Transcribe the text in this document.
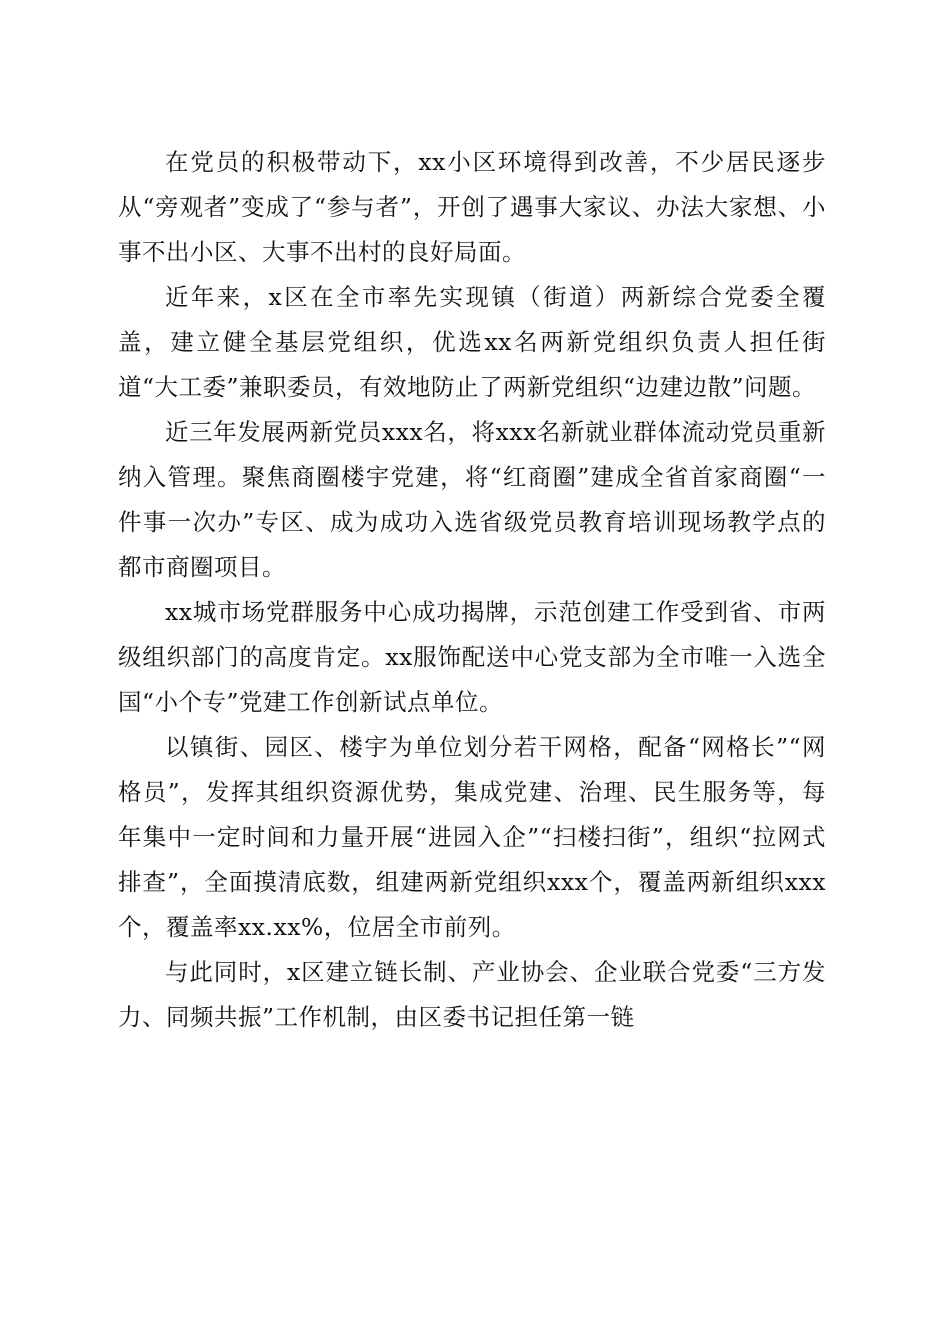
在党员的积极带动下，xx小区环境得到改善，不少居民逐步从“旁观者”变成了“参与者”，开创了遇事大家议、办法大家想、小事不出小区、大事不出村的良好局面。

近年来，x区在全市率先实现镇（街道）两新综合党委全覆盖，建立健全基层党组织，优选xx名两新党组织负责人担任街道“大工委”兼职委员，有效地防止了两新党组织“边建边散”问题。

近三年发展两新党员xxx名，将xxx名新就业群体流动党员重新纳入管理。聚焦商圈楼宇党建，将“红商圈”建成全省首家商圈“一件事一次办”专区、成为成功入选省级党员教育培训现场教学点的都市商圈项目。

xx城市场党群服务中心成功揭牌，示范创建工作受到省、市两级组织部门的高度肯定。xx服饰配送中心党支部为全市唯一入选全国“小个专”党建工作创新试点单位。

以镇街、园区、楼宇为单位划分若干网格，配备“网格长”“网格员”，发挥其组织资源优势，集成党建、治理、民生服务等，每年集中一定时间和力量开展“进园入企”“扫楼扫街”，组织“拉网式排查”，全面摸清底数，组建两新党组织xxx个，覆盖两新组织xxx个，覆盖率xx.xx%，位居全市前列。

与此同时，x区建立链长制、产业协会、企业联合党委“三方发力、同频共振”工作机制，由区委书记担任第一链
